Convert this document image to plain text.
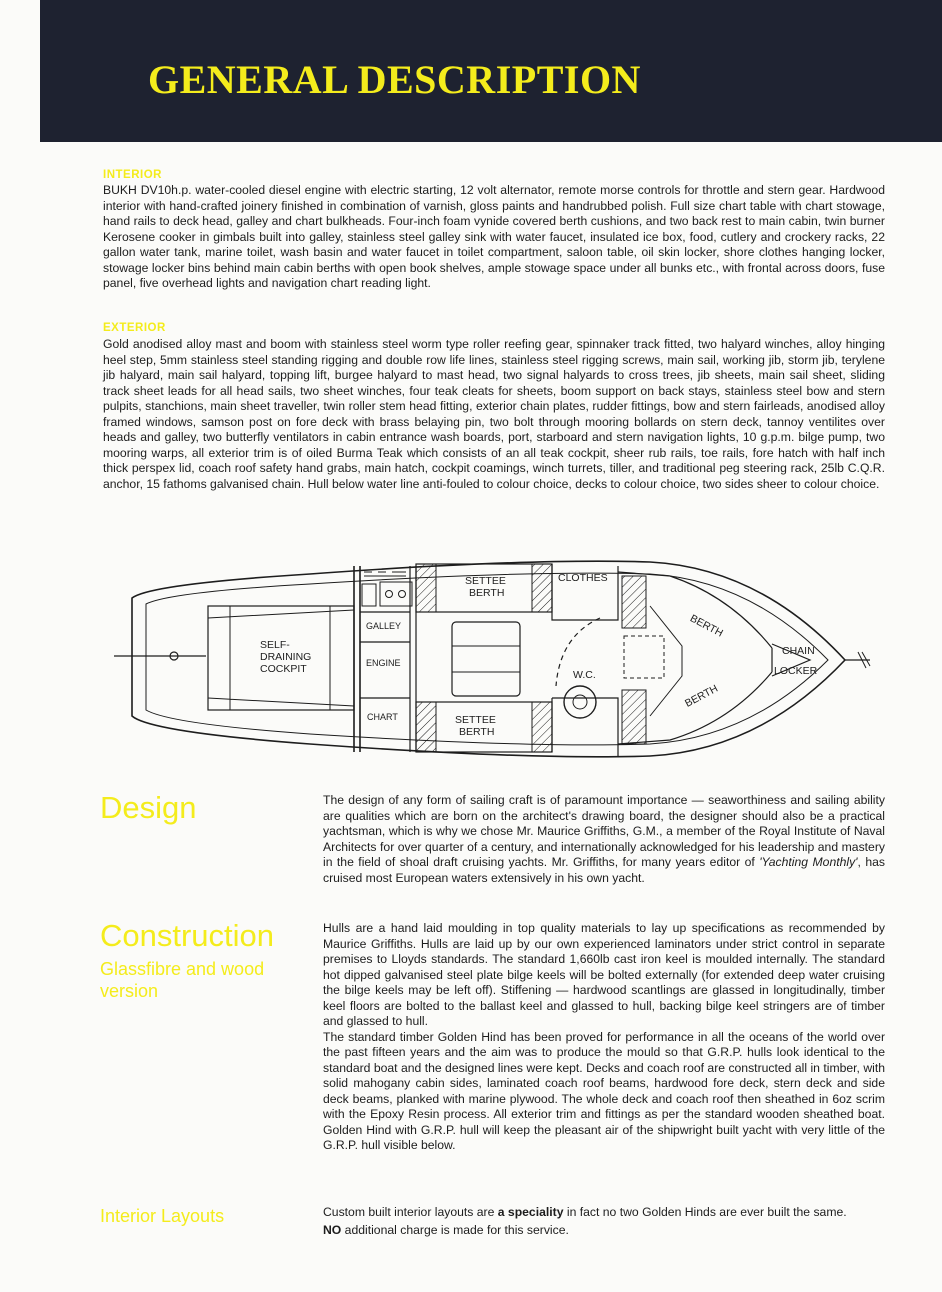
GENERAL DESCRIPTION
INTERIOR

BUKH DV10h.p. water-cooled diesel engine with electric starting, 12 volt alternator, remote morse controls for throttle and stern gear. Hardwood interior with hand-crafted joinery finished in combination of varnish, gloss paints and handrubbed polish. Full size chart table with chart stowage, hand rails to deck head, galley and chart bulkheads. Four-inch foam vynide covered berth cushions, and two back rest to main cabin, twin burner Kerosene cooker in gimbals built into galley, stainless steel galley sink with water faucet, insulated ice box, food, cutlery and crockery racks, 22 gallon water tank, marine toilet, wash basin and water faucet in toilet compartment, saloon table, oil skin locker, shore clothes hanging locker, stowage locker bins behind main cabin berths with open book shelves, ample stowage space under all bunks etc., with frontal across doors, fuse panel, five overhead lights and navigation chart reading light.

EXTERIOR

Gold anodised alloy mast and boom with stainless steel worm type roller reefing gear, spinnaker track fitted, two halyard winches, alloy hinging heel step, 5mm stainless steel standing rigging and double row life lines, stainless steel rigging screws, main sail, working jib, storm jib, terylene jib halyard, main sail halyard, topping lift, burgee halyard to mast head, two signal halyards to cross trees, jib sheets, main sail sheet, sliding track sheet leads for all head sails, two sheet winches, four teak cleats for sheets, boom support on back stays, stainless steel bow and stern pulpits, stanchions, main sheet traveller, twin roller stem head fitting, exterior chain plates, rudder fittings, bow and stern fairleads, anodised alloy framed windows, samson post on fore deck with brass belaying pin, two bolt through mooring bollards on stern deck, tannoy ventilites over heads and galley, two butterfly ventilators in cabin entrance wash boards, port, starboard and stern navigation lights, 10 g.p.m. bilge pump, two mooring warps, all exterior trim is of oiled Burma Teak which consists of an all teak cockpit, sheer rub rails, toe rails, fore hatch with half inch thick perspex lid, coach roof safety hand grabs, main hatch, cockpit coamings, winch turrets, tiller, and traditional peg steering rack, 25lb C.Q.R. anchor, 15 fathoms galvanised chain. Hull below water line anti-fouled to colour choice, decks to colour choice, two sides sheer to colour choice.

SELF-
DRAINING
COCKPIT
GALLEY
ENGINE
CHART
SETTEE
BERTH
SETTEE
BERTH
CLOTHES
W.C.
BERTH
BERTH
CHAIN
LOCKER
Design	The design of any form of sailing craft is of paramount importance — seaworthiness and sailing ability are qualities which are born on the architect's drawing board, the designer should also be a practical yachtsman, which is why we chose Mr. Maurice Griffiths, G.M., a member of the Royal Institute of Naval Architects for over quarter of a century, and internationally acknowledged for his leadership and mastery in the field of shoal draft cruising yachts. Mr. Griffiths, for many years editor of 'Yachting Monthly', has cruised most European waters extensively in his own yacht.

Construction
Glassfibre and wood
version

Hulls are a hand laid moulding in top quality materials to lay up specifications as recommended by Maurice Griffiths. Hulls are laid up by our own experienced laminators under strict control in separate premises to Lloyds standards. The standard 1,660lb cast iron keel is moulded internally. The standard hot dipped galvanised steel plate bilge keels will be bolted externally (for extended deep water cruising the bilge keels may be left off). Stiffening — hardwood scantlings are glassed in longitudinally, timber keel floors are bolted to the ballast keel and glassed to hull, backing bilge keel stringers are of timber and glassed to hull.

The standard timber Golden Hind has been proved for performance in all the oceans of the world over the past fifteen years and the aim was to produce the mould so that G.R.P. hulls look identical to the standard boat and the designed lines were kept. Decks and coach roof are constructed all in timber, with solid mahogany cabin sides, laminated coach roof beams, hardwood fore deck, stern deck and side deck beams, planked with marine plywood. The whole deck and coach roof then sheathed in 6oz scrim with the Epoxy Resin process. All exterior trim and fittings as per the standard wooden sheathed boat. Golden Hind with G.R.P. hull will keep the pleasant air of the shipwright built yacht with very little of the G.R.P. hull visible below.

Interior Layouts	Custom built interior layouts are a speciality in fact no two Golden Hinds are ever built the same.

NO additional charge is made for this service.
